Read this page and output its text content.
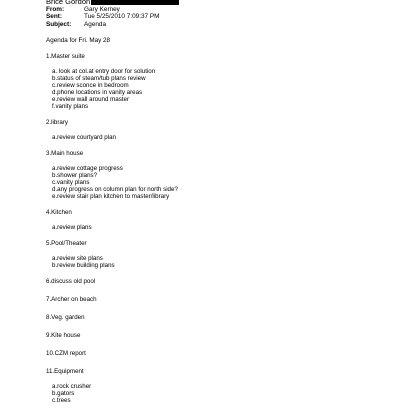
Brice Gordon
From:	Gary Kerney
Sent:	Tue 5/25/2010 7:09:37 PM
Subject:	Agenda
Agenda for Fri. May 28
1.Master suite
a. look at col.at entry door for solution
b.status of steam/tub plans review
c.review sconce in bedroom
d.phone locations in vanity areas
e.review wall around master
f.vanity plans
2.library
a.review courtyard plan
3.Main house
a.review cottage progress
b.shower plans?
c.vanity plans
d.any progress on column plan for north side?
e.review stair plan kitchen to master/library
4.Kitchen
a.review plans
5.Pool/Theater
a.review site plans
b.review building plans
6.discuss old pool
7.Archer on beach
8.Veg. garden
9.Kite house
10.CZM report
11.Equipment
a.rock crusher
b.gators
c.trees
